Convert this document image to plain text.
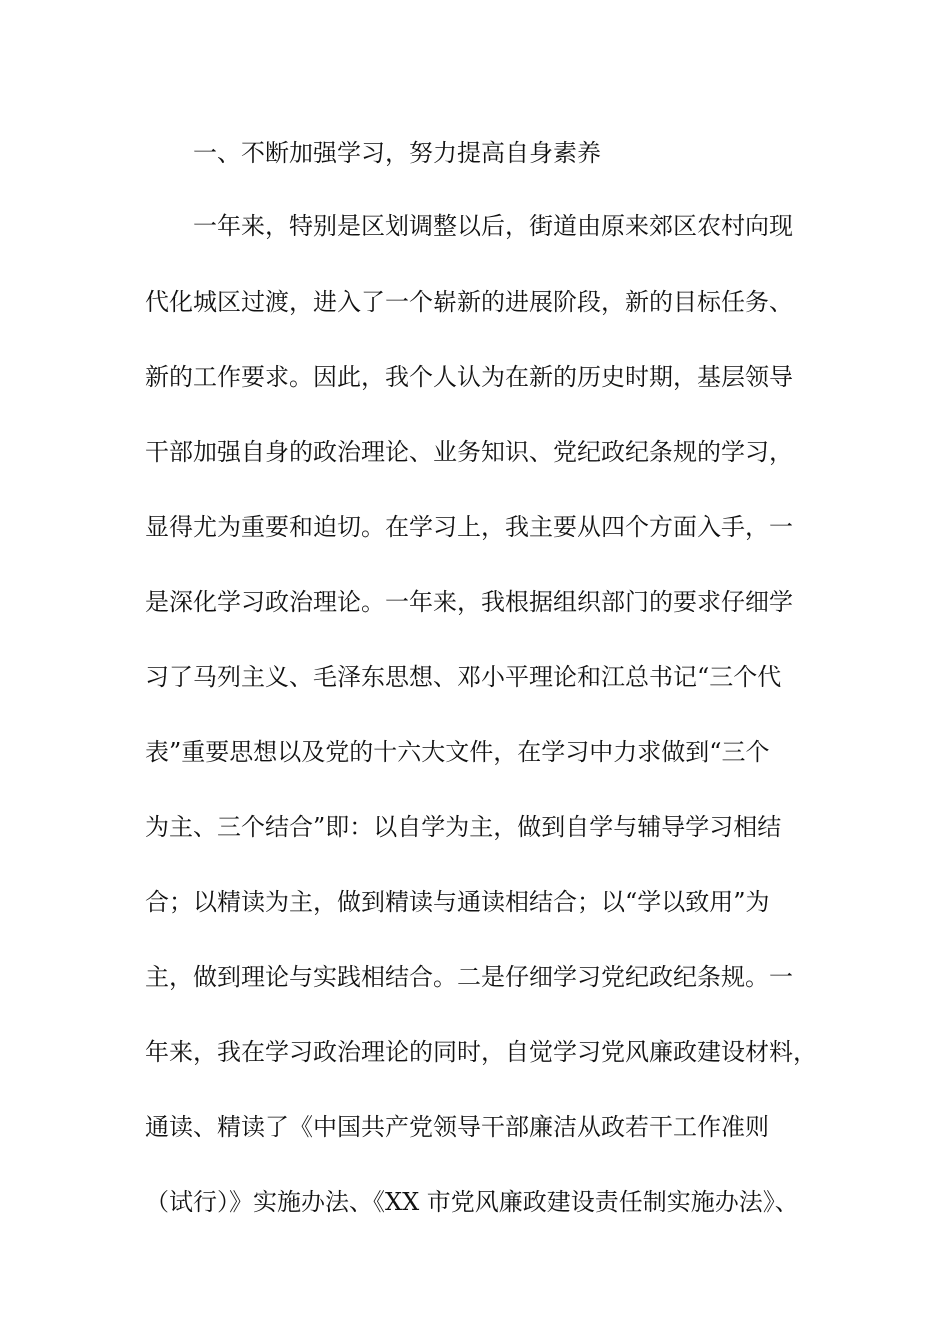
一、不断加强学习，努力提高自身素养
一年来，特别是区划调整以后，街道由原来郊区农村向现
代化城区过渡，进入了一个崭新的进展阶段，新的目标任务、
新的工作要求。因此，我个人认为在新的历史时期，基层领导
干部加强自身的政治理论、业务知识、党纪政纪条规的学习，
显得尤为重要和迫切。在学习上，我主要从四个方面入手，一
是深化学习政治理论。一年来，我根据组织部门的要求仔细学
习了马列主义、毛泽东思想、邓小平理论和江总书记“三个代
表”重要思想以及党的十六大文件，在学习中力求做到“三个
为主、三个结合”即：以自学为主，做到自学与辅导学习相结
合；以精读为主，做到精读与通读相结合；以“学以致用”为
主，做到理论与实践相结合。二是仔细学习党纪政纪条规。一
年来，我在学习政治理论的同时，自觉学习党风廉政建设材料，
通读、精读了《中国共产党领导干部廉洁从政若干工作准则
（试行）》实施办法、《XX 市党风廉政建设责任制实施办法》、
